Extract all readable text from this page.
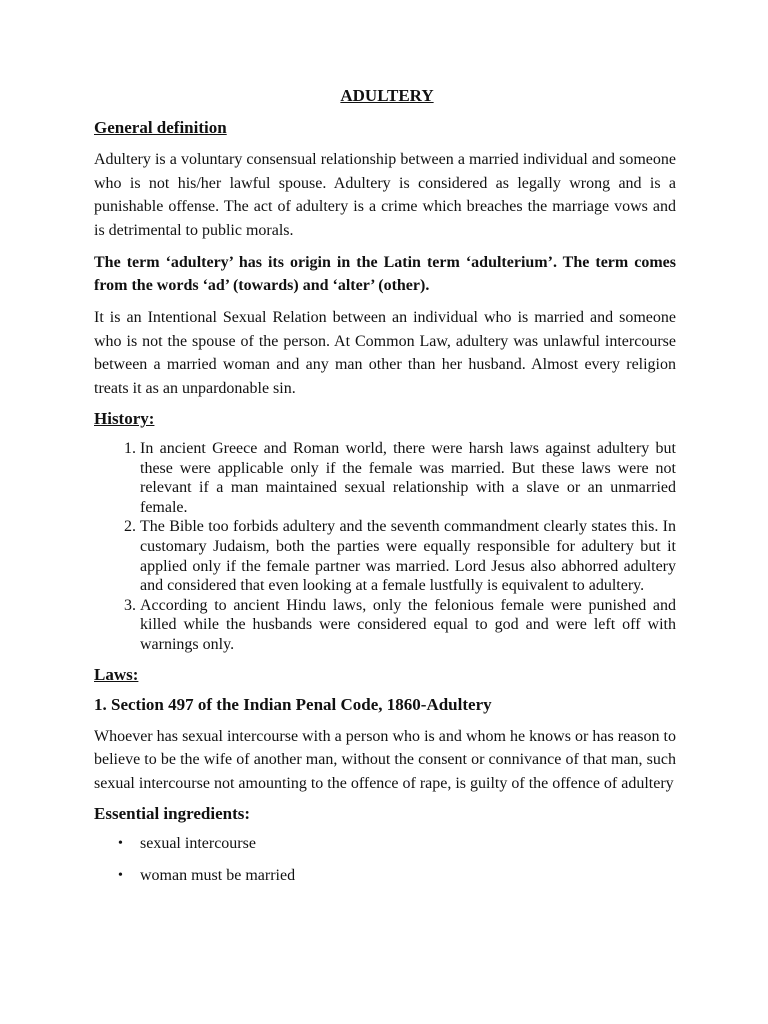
ADULTERY
General definition

Adultery is a voluntary consensual relationship between a married individual and someone who is not his/her lawful spouse. Adultery is considered as legally wrong and is a punishable offense. The act of adultery is a crime which breaches the marriage vows and is detrimental to public morals.

The term ‘adultery’ has its origin in the Latin term ‘adulterium’. The term comes from the words ‘ad’ (towards) and ‘alter’ (other).

It is an Intentional Sexual Relation between an individual who is married and someone who is not the spouse of the person. At Common Law, adultery was unlawful intercourse between a married woman and any man other than her husband. Almost every religion treats it as an unpardonable sin.

History:
1. In ancient Greece and Roman world, there were harsh laws against adultery but these were applicable only if the female was married. But these laws were not relevant if a man maintained sexual relationship with a slave or an unmarried female.
2. The Bible too forbids adultery and the seventh commandment clearly states this. In customary Judaism, both the parties were equally responsible for adultery but it applied only if the female partner was married. Lord Jesus also abhorred adultery and considered that even looking at a female lustfully is equivalent to adultery.
3. According to ancient Hindu laws, only the felonious female were punished and killed while the husbands were considered equal to god and were left off with warnings only.
Laws:
1. Section 497 of the Indian Penal Code, 1860-Adultery

Whoever has sexual intercourse with a person who is and whom he knows or has reason to believe to be the wife of another man, without the consent or connivance of that man, such sexual intercourse not amounting to the offence of rape, is guilty of the offence of adultery

Essential ingredients:
• sexual intercourse
• woman must be married
